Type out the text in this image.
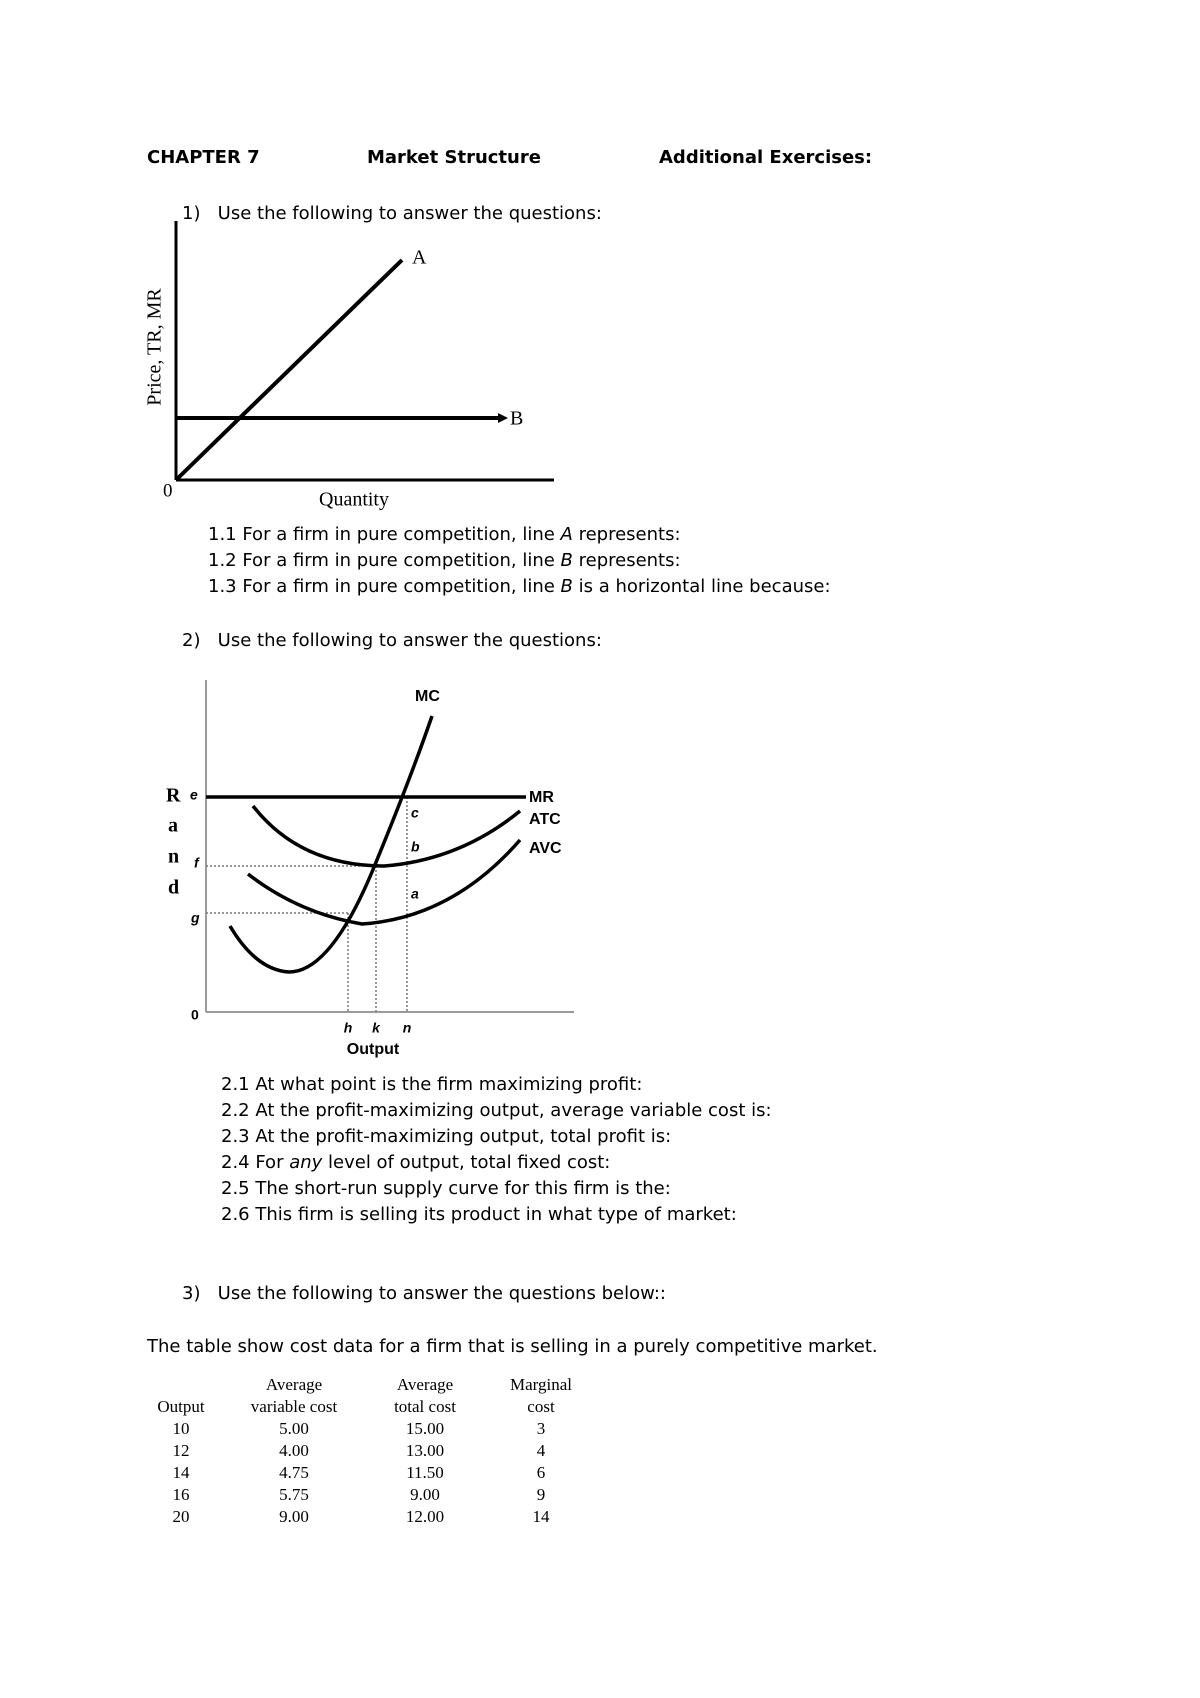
CHAPTER 7	Market Structure	Additional Exercises:
1) Use the following to answer the questions:
A
B
0	Quantity
Price, TR, MR
1.1 For a firm in pure competition, line A represents:
1.2 For a firm in pure competition, line B represents:
1.3 For a firm in pure competition, line B is a horizontal line because:
2) Use the following to answer the questions:
MC
MR
ATC
AVC
c
b
a
e
f
g
0
R
a
n
d
h k n
Output
2.1 At what point is the firm maximizing profit:
2.2 At the profit-maximizing output, average variable cost is:
2.3 At the profit-maximizing output, total profit is:
2.4 For any level of output, total fixed cost:
2.5 The short-run supply curve for this firm is the:
2.6 This firm is selling its product in what type of market:
3) Use the following to answer the questions below::
The table show cost data for a firm that is selling in a purely competitive market.
	Average	Average	Marginal
Output	variable cost	total cost	cost
10	5.00	15.00	3
12	4.00	13.00	4
14	4.75	11.50	6
16	5.75	9.00	9
20	9.00	12.00	14
